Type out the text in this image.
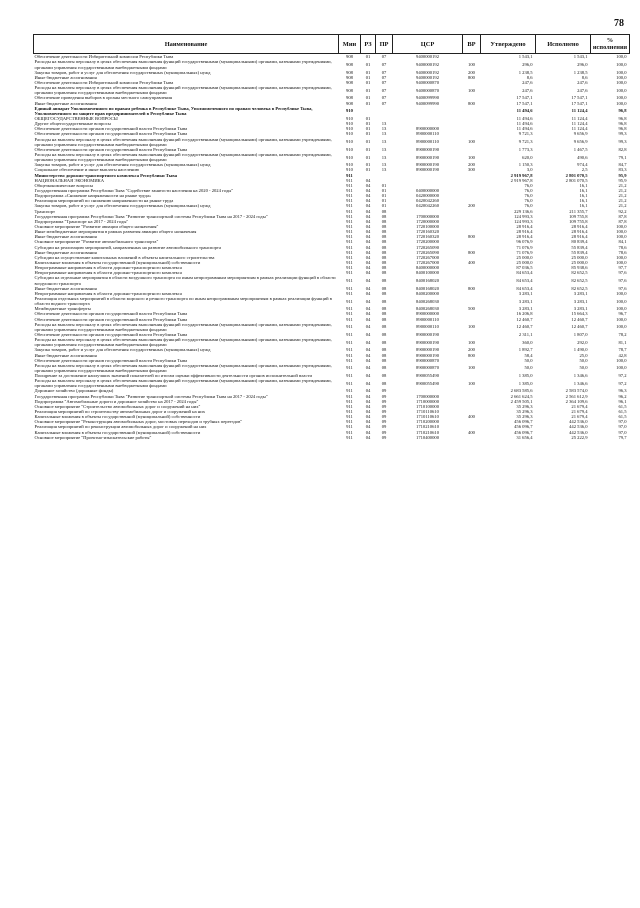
78
Наименование	Мин	РЗ	ПР	ЦСР	ВР	Утверждено	Исполнено	% исполнения
Обеспечение деятельности Избирательной комиссии Республики Тыва	908	01	07	9400000192		1 543,1	1 543,1	100,0
Расходы на выплаты персоналу в целях обеспечения выполнения функций государственными (муниципальными) органами, казенными учреждениями, органами управления государственными внебюджетными фондами	908	01	07	9400000192	100	296,0	296,0	100,0
Закупка товаров, работ и услуг для обеспечения государственных (муниципальных) нужд	908	01	07	9400000192	200	1 238,5	1 238,5	100,0
Иные бюджетные ассигнования	908	01	07	9400000192	800	8,6	8,6	100,0
Обеспечение деятельности Избирательной комиссии Республики Тыва	908	01	07	9400000870		247,6	247,6	100,0
Расходы на выплаты персоналу в целях обеспечения выполнения функций государственными (муниципальными) органами, казенными учреждениями, органами управления государственными внебюджетными фондами	908	01	07	9400000870	100	247,6	247,6	100,0
Обеспечение проведения выборов в органы местного самоуправления	908	01	07	9400099990		17 547,1	17 547,1	100,0
Иные бюджетные ассигнования	908	01	07	9400099990	800	17 547,1	17 547,1	100,0
Единый аппарат Уполномоченного по правам ребенка в Республике Тыва, Уполномоченного по правам человека в Республике Тыва, Уполномоченного по защите прав предпринимателей в Республике Тыва	910					11 494,6	11 124,4	96,8
ОБЩЕГОСУДАРСТВЕННЫЕ ВОПРОСЫ	910	01				11 494,6	11 124,4	96,8
Другие общегосударственные вопросы	910	01	13			11 494,6	11 124,4	96,8
Обеспечение деятельности органов государственной власти Республики Тыва	910	01	13	8900000000		11 494,6	11 124,4	96,8
Обеспечение деятельности органов государственной власти Республики Тыва	910	01	13	8900000110		9 721,3	9 656,9	99,3
Расходы на выплаты персоналу в целях обеспечения выполнения функций государственными (муниципальными) органами, казенными учреждениями, органами управления государственными внебюджетными фондами	910	01	13	8900000110	100	9 721,3	9 656,9	99,3
Обеспечение деятельности органов государственной власти Республики Тыва	910	01	13	8900000190		1 773,3	1 467,5	82,8
Расходы на выплаты персоналу в целях обеспечения выполнения функций государственными (муниципальными) органами, казенными учреждениями, органами управления государственными внебюджетными фондами	910	01	13	8900000190	100	620,0	490,6	79,1
Закупка товаров, работ и услуг для обеспечения государственных (муниципальных) нужд	910	01	13	8900000190	200	1 150,3	974,4	84,7
Социальное обеспечение и иные выплаты населению	910	01	13	8900000190	300	3,0	2,5	83,3
Министерство дорожно-транспортного комплекса Республики Тыва	911					2 919 967,8	2 801 070,5	95,9
НАЦИОНАЛЬНАЯ ЭКОНОМИКА	911	04				2 919 967,8	2 801 070,5	95,9
Общеэкономические вопросы	911	04	01			76,0	16,1	21,2
Государственная программа Республики Тыва "Содействие занятости населения на 2020 - 2024 годы"	911	04	01	0400000000		76,0	16,1	21,2
Подпрограмма «Снижение напряженности на рынке труда»	911	04	01	0420000000		76,0	16,1	21,2
Реализация мероприятий по снижению напряженности на рынке труда	911	04	01	0420042260		76,0	16,1	21,2
Закупка товаров, работ и услуг для обеспечения государственных (муниципальных) нужд	911	04	01	0420042260	200	76,0	16,1	21,2
Транспорт	911	04	08			229 136,6	211 355,7	92,2
Государственная программа Республики Тыва "Развитие транспортной системы Республики Тыва на 2017 - 2024 годы"	911	04	08	1700000000		124 993,3	109 755,8	87,8
Подпрограмма "Транспорт на 2017 - 2024 годы"	911	04	08	1720000000		124 993,3	109 755,8	87,8
Основное мероприятие "Развитие авиации общего назначения"	911	04	08	1720100000		28 916,4	28 916,4	100,0
Иные межбюджетные мероприятия в рамках развития авиации общего назначения	911	04	08	1720160320		28 916,4	28 916,4	100,0
Иные бюджетные ассигнования	911	04	08	1720160320	800	28 916,4	28 916,4	100,0
Основное мероприятие "Развитие автомобильного транспорта"	911	04	08	1720200000		96 076,9	80 839,4	84,1
Субсидии на реализацию мероприятий, направленных на развитие автомобильного транспорта	911	04	08	1720265090		71 076,9	55 839,4	78,6
Иные бюджетные ассигнования	911	04	08	1720265090	800	71 076,9	55 839,4	78,6
Субсидии на осуществление капитальных вложений в объекты капитального строительства	911	04	08	1720267000		25 000,0	25 000,0	100,0
Капитальные вложения в объекты государственной (муниципальной) собственности	911	04	08	1720267000	400	25 000,0	25 000,0	100,0
Непрограммные направления в области дорожно-транспортного комплекса	911	04	08	8400000000		87 036,5	85 938,6	97,7
Непрограммные направления в области дорожно-транспортного комплекса	911	04	08	8400100000		84 653,4	82 652,5	97,6
Субсидии на отдельные мероприятия в области воздушного транспорта по иным непрограммным мероприятиям в рамках реализации функций в области воздушного транспорта	911	04	08	8400168020		84 653,4	82 652,5	97,6
Иные бюджетные ассигнования	911	04	08	8400168020	800	84 653,4	82 652,5	97,6
Непрограммные направления в области дорожно-транспортного комплекса	911	04	08	8400200000		3 283,1	3 283,1	100,0
Реализация отдельных мероприятий в области морского и речного транспорта по иным непрограммным мероприятиям в рамках реализации функций в области водного транспорта	911	04	08	8400268030		3 283,1	3 283,1	100,0
Межбюджетные трансферты	911	04	08	8400268030	500	3 283,1	3 283,1	100,0
Обеспечение деятельности органов государственной власти Республики Тыва	911	04	08	8900000000		16 206,8	15 664,3	96,7
Обеспечение деятельности органов государственной власти Республики Тыва	911	04	08	8900000110		12 460,7	12 460,7	100,0
Расходы на выплаты персоналу в целях обеспечения выполнения функций государственными (муниципальными) органами, казенными учреждениями, органами управления государственными внебюджетными фондами	911	04	08	8900000110	100	12 460,7	12 460,7	100,0
Обеспечение деятельности органов государственной власти Республики Тыва	911	04	08	8900000190		2 311,1	1 807,0	78,2
Расходы на выплаты персоналу в целях обеспечения выполнения функций государственными (муниципальными) органами, казенными учреждениями, органами управления государственными внебюджетными фондами	911	04	08	8900000190	100	360,0	292,0	81,1
Закупка товаров, работ и услуг для обеспечения государственных (муниципальных) нужд	911	04	08	8900000190	200	1 892,7	1 490,0	78,7
Иные бюджетные ассигнования	911	04	08	8900000190	800	58,4	25,0	42,8
Обеспечение деятельности органов государственной власти Республики Тыва	911	04	08	8900000870		50,0	50,0	100,0
Расходы на выплаты персоналу в целях обеспечения выполнения функций государственными (муниципальными) органами, казенными учреждениями, органами управления государственными внебюджетными фондами	911	04	08	8900000870	100	50,0	50,0	100,0
Поощрение за достижение наилучших значений показателей по итогам оценки эффективности деятельности органов исполнительной власти	911	04	08	8900055490		1 385,0	1 346,6	97,2
Расходы на выплаты персоналу в целях обеспечения выполнения функций государственными (муниципальными) органами, казенными учреждениями, органами управления государственными внебюджетными фондами	911	04	08	8900055490	100	1 385,0	1 346,6	97,2
Дорожное хозяйство (дорожные фонды)	911	04	09			2 683 585,6	2 583 574,0	96,3
Государственная программа Республики Тыва "Развитие транспортной системы Республики Тыва на 2017 - 2024 годы"	911	04	09	1700000000		2 661 624,5	2 561 612,9	96,2
Подпрограмма "Автомобильные дороги и дорожное хозяйство на 2017 - 2024 годы"	911	04	09	1710000000		2 459 505,1	2 364 109,6	96,1
Основное мероприятие "Строительство автомобильных дорог и сооружений на них"	911	04	09	1710100000		35 296,3	21 679,4	61,5
Реализация мероприятий по строительству автомобильных дорог и сооружений на них	911	04	09	1710110610		35 296,3	21 679,4	61,5
Капитальные вложения в объекты государственной (муниципальной) собственности	911	04	09	1710110610	400	35 296,3	21 679,4	61,5
Основное мероприятие "Реконструкция автомобильных дорог, мостовых переходов и трубных переездов"	911	04	09	1710200000		456 096,7	442 536,0	97,0
Реализация мероприятий по реконструкции автомобильных дорог и сооружений на них	911	04	09	1710210610		456 096,7	442 536,0	97,0
Капитальные вложения в объекты государственной (муниципальной) собственности	911	04	09	1710210610	400	456 096,7	442 536,0	97,0
Основное мероприятие "Проектно-изыскательские работы"	911	04	09	1710400000		31 656,4	25 222,9	79,7
